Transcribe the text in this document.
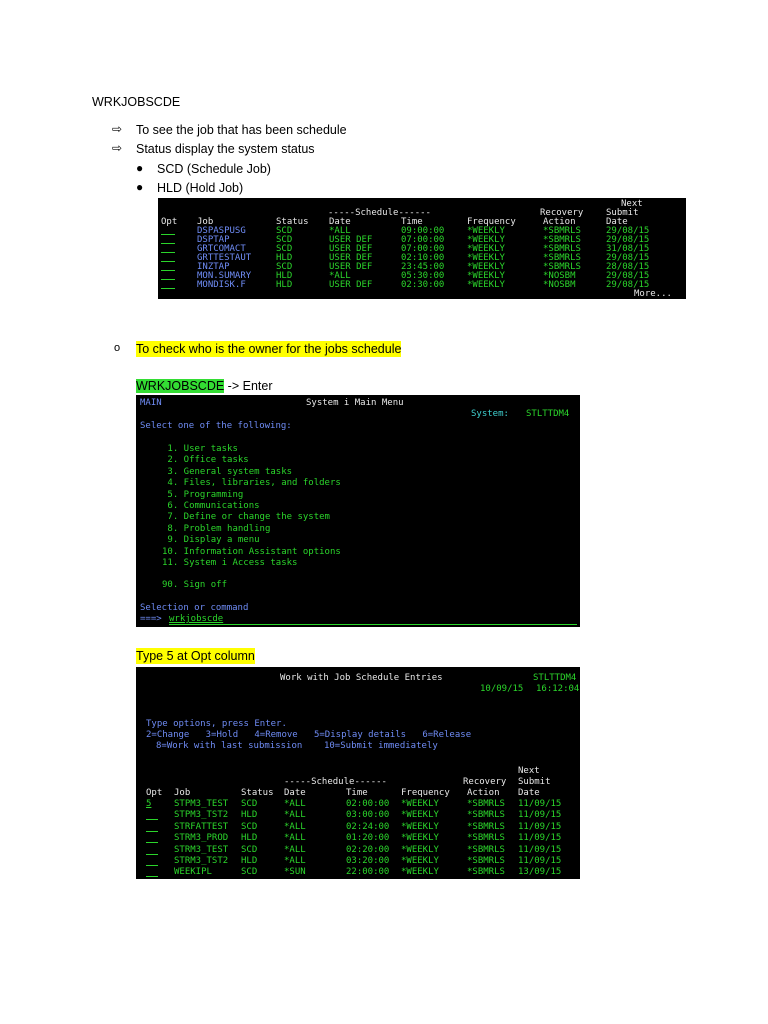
WRKJOBSCDE
⇨ To see the job that has been schedule
⇨ Status display the system status
● SCD (Schedule Job)
● HLD (Hold Job)
Next
Recovery	Submit
-----Schedule------
Opt Job	Status Date	Time	Frequency	Action	Date
DSPASPUSG	SCD	*ALL	09:00:00	*WEEKLY	*SBMRLS	29/08/15
DSPTAP	SCD	USER DEF	07:00:00	*WEEKLY	*SBMRLS	29/08/15
GRTCOMACT	SCD	USER DEF	07:00:00	*WEEKLY	*SBMRLS	31/08/15
GRTTESTAUT	HLD	USER DEF	02:10:00	*WEEKLY	*SBMRLS	29/08/15
INZTAP	SCD	USER DEF	23:45:00	*WEEKLY	*SBMRLS	28/08/15
MON.SUMARY	HLD	*ALL	05:30:00	*WEEKLY	*NOSBM	29/08/15
MONDISK.F	HLD	USER DEF	02:30:00	*WEEKLY	*NOSBM	29/08/15
More...
o To check who is the owner for the jobs schedule
WRKJOBSCDE -> Enter
MAIN	System i Main Menu
System: STLTTDM4
Select one of the following:
1. User tasks
2. Office tasks
3. General system tasks
4. Files, libraries, and folders
5. Programming
6. Communications
7. Define or change the system
8. Problem handling
9. Display a menu
10. Information Assistant options
11. System i Access tasks
90. Sign off
Selection or command
===> wrkjobscde
Type 5 at Opt column
Work with Job Schedule Entries	STLTTDM4
10/09/15 16:12:04
Type options, press Enter.
2=Change   3=Hold   4=Remove   5=Display details   6=Release
8=Work with last submission    10=Submit immediately
Next
Recovery Submit
-----Schedule------
Opt Job	Status Date	Time	Frequency Action Date
5	STPM3_TEST SCD	*ALL	02:00:00 *WEEKLY	*SBMRLS 11/09/15
STPM3_TST2 HLD	*ALL	03:00:00 *WEEKLY	*SBMRLS 11/09/15
STRFATTEST SCD	*ALL	02:24:00 *WEEKLY	*SBMRLS 11/09/15
STRM3_PROD HLD	*ALL	01:20:00 *WEEKLY	*SBMRLS 11/09/15
STRM3_TEST SCD	*ALL	02:20:00 *WEEKLY	*SBMRLS 11/09/15
STRM3_TST2 HLD	*ALL	03:20:00 *WEEKLY	*SBMRLS 11/09/15
WEEKIPL	SCD	*SUN	22:00:00 *WEEKLY	*SBMRLS 13/09/15
